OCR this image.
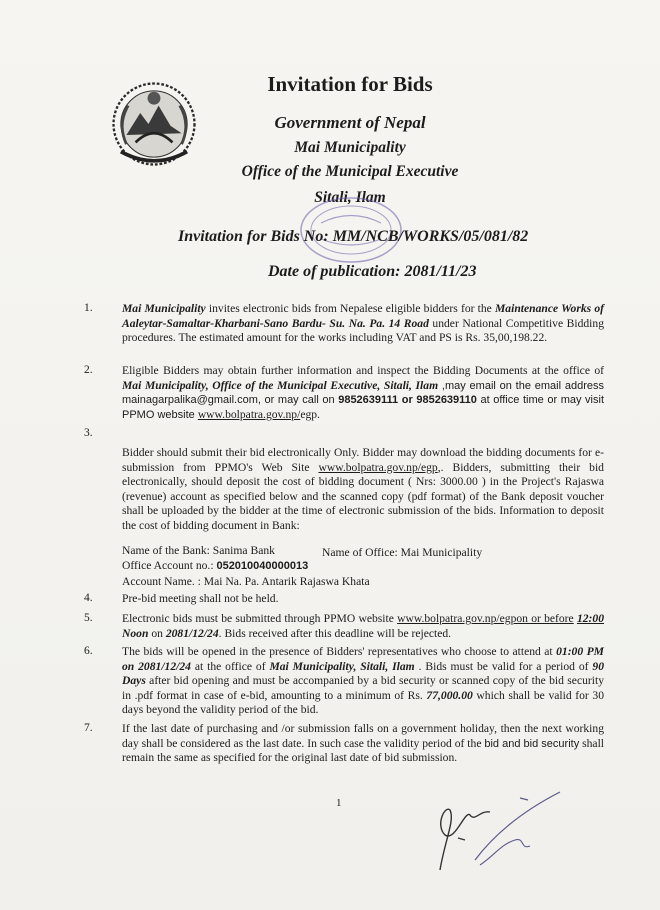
Invitation for Bids
Government of Nepal
Mai Municipality
Office of the Municipal Executive
Sitali, Ilam
Invitation for Bids No: MM/NCB/WORKS/05/081/82
Date of publication: 2081/11/23
1.	Mai Municipality invites electronic bids from Nepalese eligible bidders for the Maintenance Works of Aaleytar-Samaltar-Kharbani-Sano Bardu- Su. Na. Pa. 14 Road under National Competitive Bidding procedures. The estimated amount for the works including VAT and PS is Rs. 35,00,198.22.

2.	Eligible Bidders may obtain further information and inspect the Bidding Documents at the office of Mai Municipality, Office of the Municipal Executive, Sitali, Ilam ,may email on the email address mainagarpalika@gmail.com, or may call on 9852639111 or 9852639110 at office time or may visit PPMO website www.bolpatra.gov.np/egp.

3.

Bidder should submit their bid electronically Only. Bidder may download the bidding documents for e-submission from PPMO's Web Site www.bolpatra.gov.np/egp,. Bidders, submitting their bid electronically, should deposit the cost of bidding document ( Nrs: 3000.00 ) in the Project's Rajaswa (revenue) account as specified below and the scanned copy (pdf format) of the Bank deposit voucher shall be uploaded by the bidder at the time of electronic submission of the bids. Information to deposit the cost of bidding document in Bank:

Name of the Bank: Sanima Bank	Name of Office: Mai Municipality
Office Account no.: 052010040000013
Account Name. : Mai Na. Pa. Antarik Rajaswa Khata
4.	Pre-bid meeting shall not be held.
5.	Electronic bids must be submitted through PPMO website www.bolpatra.gov.np/egpon or before 12:00 Noon on 2081/12/24. Bids received after this deadline will be rejected.

6.	The bids will be opened in the presence of Bidders' representatives who choose to attend at 01:00 PM on 2081/12/24 at the office of Mai Municipality, Sitali, Ilam . Bids must be valid for a period of 90 Days after bid opening and must be accompanied by a bid security or scanned copy of the bid security in .pdf format in case of e-bid, amounting to a minimum of Rs. 77,000.00 which shall be valid for 30 days beyond the validity period of the bid.

7.	If the last date of purchasing and /or submission falls on a government holiday, then the next working day shall be considered as the last date. In such case the validity period of the bid and bid security shall remain the same as specified for the original last date of bid submission.

1
